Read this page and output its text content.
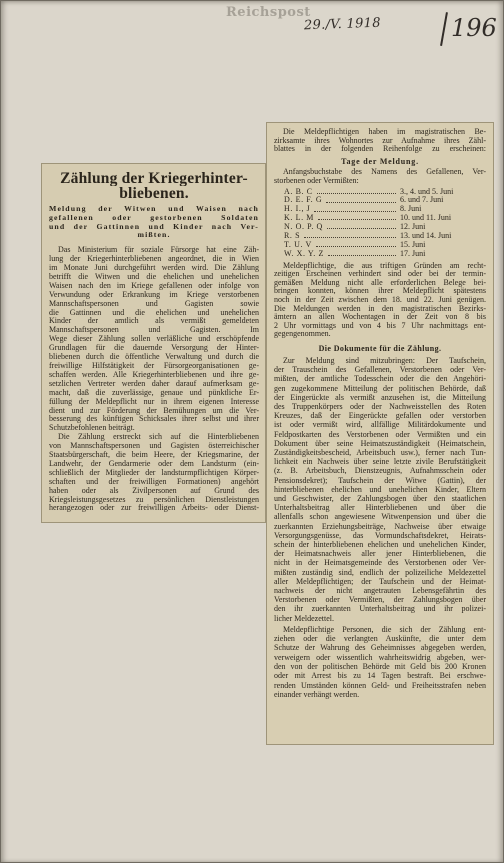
Reichspost
29./V. 1918	196
Zählung der Kriegerhinter-
bliebenen.
Meldung der Witwen und Waisen nach
gefallenen oder gestorbenen Soldaten
und der Gattinnen und Kinder nach Ver-
mißten.
Das Ministerium für soziale Fürsorge hat eine Zäh-
lung der Kriegerhinterbliebenen angeordnet, die in Wien
im Monate Juni durchgeführt werden wird. Die Zählung
betrifft die Witwen und die ehelichen und unehelichen
Waisen nach den im Kriege gefallenen oder infolge von
Verwundung oder Erkrankung im Kriege verstorbenen
Mannschaftspersonen und Gagisten sowie
die Gattinnen und die ehelichen und unehelichen
Kinder der amtlich als vermißt gemeldeten
Mannschaftspersonen und Gagisten. Im
Wege dieser Zählung sollen verläßliche und erschöpfende
Grundlagen für die dauernde Versorgung der Hinter-
bliebenen durch die öffentliche Verwaltung und durch die
freiwillige Hilfstätigkeit der Fürsorgeorganisationen ge-
schaffen werden. Alle Kriegerhinterbliebenen und ihre ge-
setzlichen Vertreter werden daher darauf aufmerksam ge-
macht, daß die zuverlässige, genaue und pünktliche Er-
füllung der Meldepflicht nur in ihrem eigenen Interesse
dient und zur Förderung der Bemühungen um die Ver-
besserung des künftigen Schicksales ihrer selbst und ihrer
Schutzbefohlenen beiträgt.
Die Zählung erstreckt sich auf die Hinterbliebenen
von Mannschaftspersonen und Gagisten österreichischer
Staatsbürgerschaft, die beim Heere, der Kriegsmarine, der
Landwehr, der Gendarmerie oder dem Landsturm (ein-
schließlich der Mitglieder der landsturmpflichtigen Körper-
schaften und der freiwilligen Formationen) angehört
haben oder als Zivilpersonen auf Grund des
Kriegsleistungsgesetzes zu persönlichen Dienstleistungen
herangezogen oder zur freiwilligen Arbeits- oder Dienst-
Die Meldepflichtigen haben im magistratischen Be-
zirksamte ihres Wohnortes zur Aufnahme ihres Zähl-
blattes in der folgenden Reihenfolge zu erscheinen:
Tage der Meldung.
Anfangsbuchstabe des Namens des Gefallenen, Ver-
storbenen oder Vermißten:
A. B. C	3., 4. und 5. Juni
D. E. F. G	6. und 7. Juni
H. I., J	8. Juni
K. L. M	10. und 11. Juni
N. O. P. Q	12. Juni
R. S	13. und 14. Juni
T. U. V	15. Juni
W. X. Y. Z	17. Juni
Meldepflichtige, die aus triftigen Gründen am recht-
zeitigen Erscheinen verhindert sind oder bei der termin-
gemäßen Meldung nicht alle erforderlichen Belege bei-
bringen konnten, können ihrer Meldepflicht spätestens
noch in der Zeit zwischen dem 18. und 22. Juni genügen.
Die Meldungen werden in den magistratischen Bezirks-
ämtern an allen Wochentagen in der Zeit von 8 bis
2 Uhr vormittags und von 4 bis 7 Uhr nachmittags ent-
gegengenommen.
Die Dokumente für die Zählung.
Zur Meldung sind mitzubringen: Der Taufschein,
der Trauschein des Gefallenen, Verstorbenen oder Ver-
mißten, der amtliche Todesschein oder die den Angehöri-
gen zugekommene Mitteilung der politischen Behörde, daß
der Eingerückte als vermißt anzusehen ist, die Mitteilung
des Truppenkörpers oder der Nachweisstellen des Roten
Kreuzes, daß der Eingerückte gefallen oder verstorben
ist oder vermißt wird, allfällige Militärdokumente und
Feldpostkarten des Verstorbenen oder Vermißten und ein
Dokument über seine Heimatszuständigkeit (Heimatschein,
Zuständigkeitsbescheid, Arbeitsbuch usw.), ferner nach Tun-
lichkeit ein Nachweis über seine letzte zivile Berufstätigkeit
(z. B. Arbeitsbuch, Dienstzeugnis, Aufnahmsschein oder
Pensionsdekret); Taufschein der Witwe (Gattin), der
hinterbliebenen ehelichen und unehelichen Kinder, Eltern
und Geschwister, der Zahlungsbogen über den staatlichen
Unterhaltsbeitrag aller Hinterbliebenen und über die
allenfalls schon angewiesene Witwenpension und über die
zuerkannten Erziehungsbeiträge, Nachweise über etwaige
Versorgungsgenüsse, das Vormundschaftsdekret, Heirats-
schein der hinterbliebenen ehelichen und unehelichen Kinder,
der Heimatsnachweis aller jener Hinterbliebenen, die
nicht in der Heimatsgemeinde des Verstorbenen oder Ver-
mißten zuständig sind, endlich der polizeiliche Meldezettel
aller Meldepflichtigen; der Taufschein und der Heimat-
nachweis der nicht angetrauten Lebensgefährtin des
Verstorbenen oder Vermißten, der Zahlungsbogen über
den ihr zuerkannten Unterhaltsbeitrag und ihr polizei-
licher Meldezettel.
Meldepflichtige Personen, die sich der Zählung ent-
ziehen oder die verlangten Auskünfte, die unter dem
Schutze der Wahrung des Geheimnisses abgegeben werden,
verweigern oder wissentlich wahrheitswidrig abgeben, wer-
den von der politischen Behörde mit Geld bis 200 Kronen
oder mit Arrest bis zu 14 Tagen bestraft. Bei erschwe-
renden Umständen können Geld- und Freiheitsstrafen neben
einander verhängt werden.
